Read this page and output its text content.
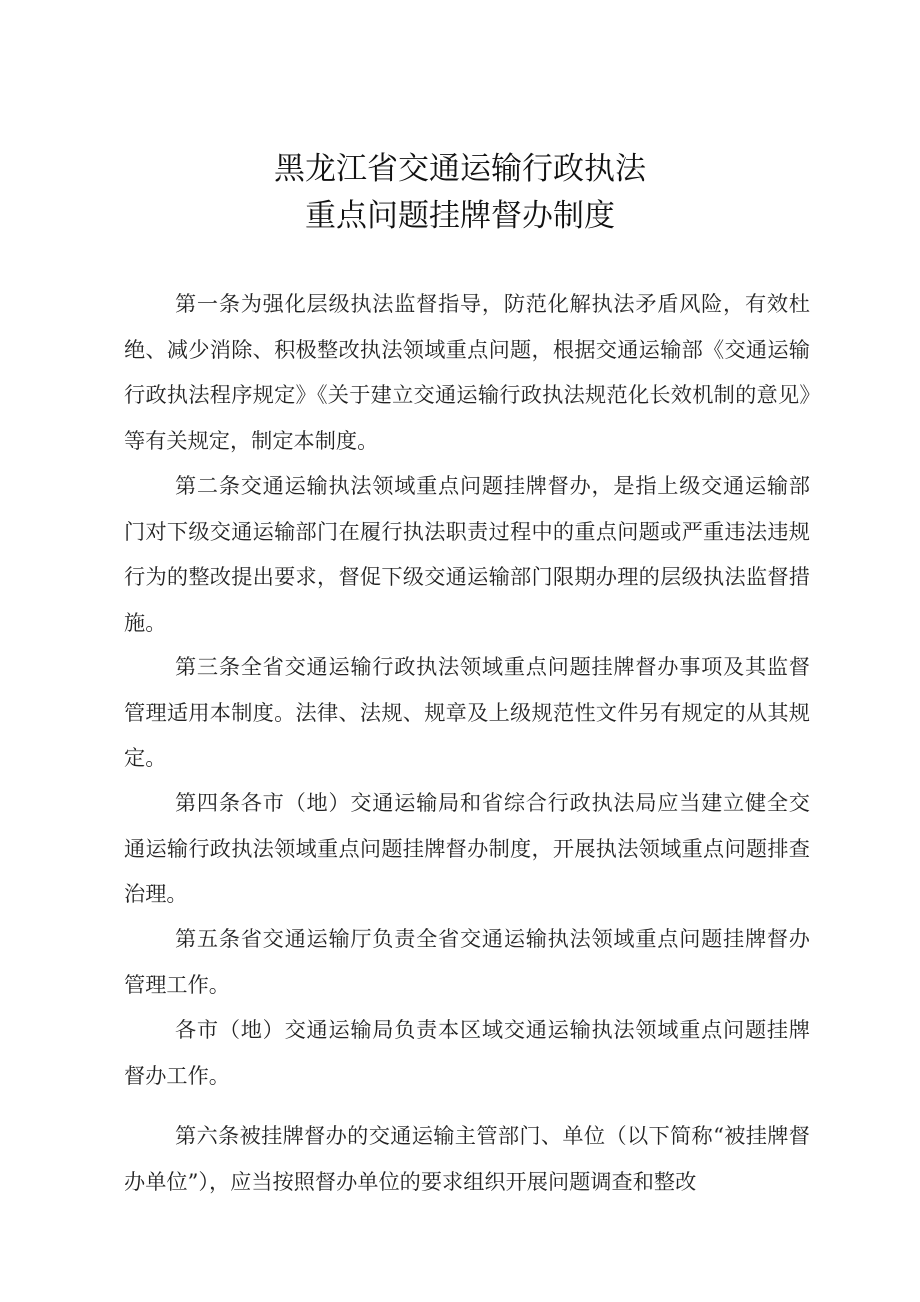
黑龙江省交通运输行政执法
重点问题挂牌督办制度

第一条为强化层级执法监督指导，防范化解执法矛盾风险，有效杜绝、减少消除、积极整改执法领域重点问题，根据交通运输部《交通运输行政执法程序规定》《关于建立交通运输行政执法规范化长效机制的意见》等有关规定，制定本制度。

第二条交通运输执法领域重点问题挂牌督办，是指上级交通运输部门对下级交通运输部门在履行执法职责过程中的重点问题或严重违法违规行为的整改提出要求，督促下级交通运输部门限期办理的层级执法监督措施。

第三条全省交通运输行政执法领域重点问题挂牌督办事项及其监督管理适用本制度。法律、法规、规章及上级规范性文件另有规定的从其规定。

第四条各市（地）交通运输局和省综合行政执法局应当建立健全交通运输行政执法领域重点问题挂牌督办制度，开展执法领域重点问题排查治理。

第五条省交通运输厅负责全省交通运输执法领域重点问题挂牌督办管理工作。

各市（地）交通运输局负责本区域交通运输执法领域重点问题挂牌督办工作。

第六条被挂牌督办的交通运输主管部门、单位（以下简称“被挂牌督办单位”），应当按照督办单位的要求组织开展问题调查和整改
